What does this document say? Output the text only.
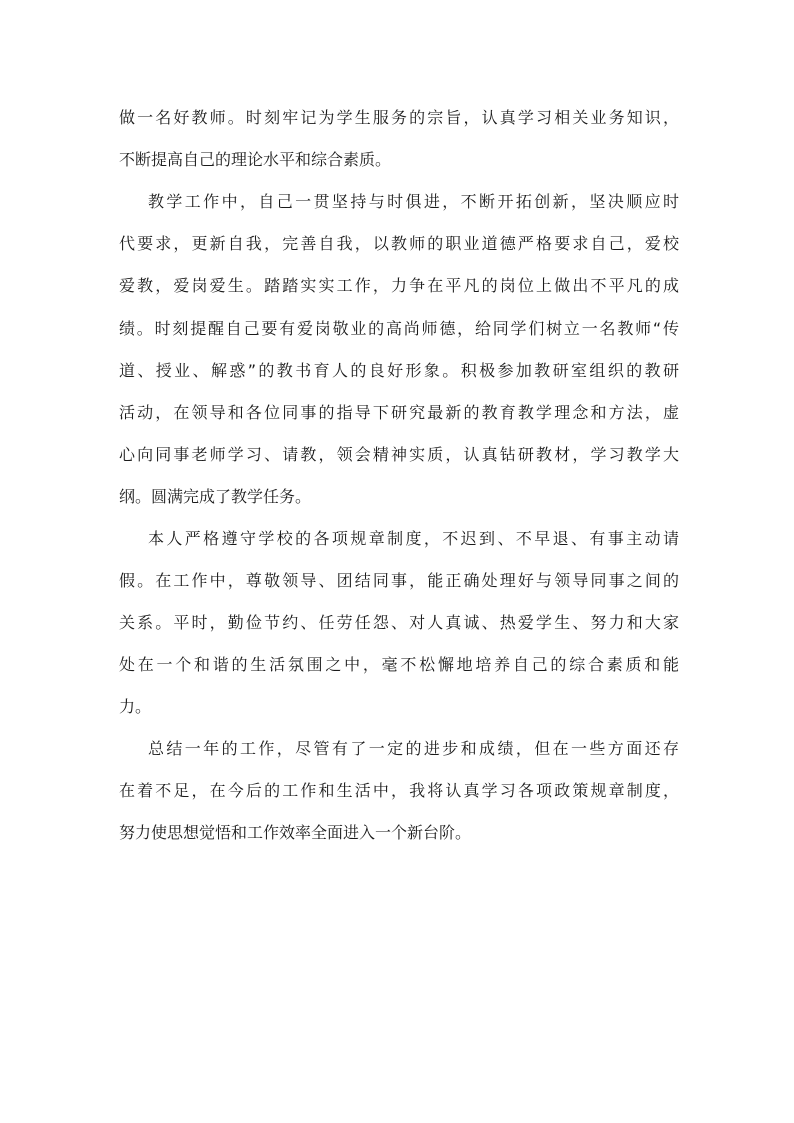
做一名好教师。时刻牢记为学生服务的宗旨，认真学习相关业务知识，
不断提高自己的理论水平和综合素质。
教学工作中，自己一贯坚持与时俱进，不断开拓创新，坚决顺应时
代要求，更新自我，完善自我，以教师的职业道德严格要求自己，爱校
爱教，爱岗爱生。踏踏实实工作，力争在平凡的岗位上做出不平凡的成
绩。时刻提醒自己要有爱岗敬业的高尚师德，给同学们树立一名教师“传
道、授业、解惑”的教书育人的良好形象。积极参加教研室组织的教研
活动，在领导和各位同事的指导下研究最新的教育教学理念和方法，虚
心向同事老师学习、请教，领会精神实质，认真钻研教材，学习教学大
纲。圆满完成了教学任务。
本人严格遵守学校的各项规章制度，不迟到、不早退、有事主动请
假。在工作中，尊敬领导、团结同事，能正确处理好与领导同事之间的
关系。平时，勤俭节约、任劳任怨、对人真诚、热爱学生、努力和大家
处在一个和谐的生活氛围之中，毫不松懈地培养自己的综合素质和能
力。
总结一年的工作，尽管有了一定的进步和成绩，但在一些方面还存
在着不足，在今后的工作和生活中，我将认真学习各项政策规章制度，
努力使思想觉悟和工作效率全面进入一个新台阶。
